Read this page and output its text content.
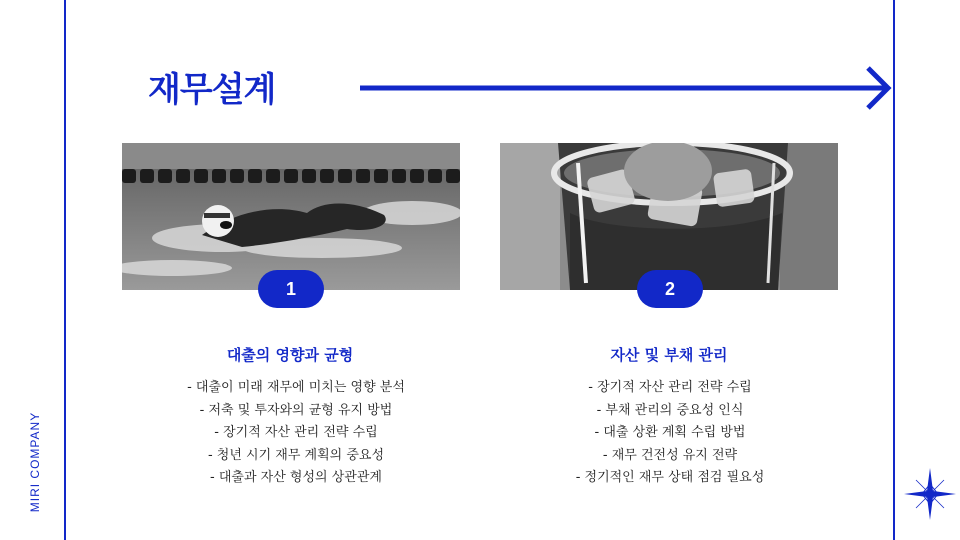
MIRI COMPANY
재무설계
1
대출의 영향과 균형
- 대출이 미래 재무에 미치는 영향 분석
- 저축 및 투자와의 균형 유지 방법
- 장기적 자산 관리 전략 수립
- 청년 시기 재무 계획의 중요성
- 대출과 자산 형성의 상관관계
2
자산 및 부채 관리
- 장기적 자산 관리 전략 수립
- 부채 관리의 중요성 인식
- 대출 상환 계획 수립 방법
- 재무 건전성 유지 전략
- 정기적인 재무 상태 점검 필요성
